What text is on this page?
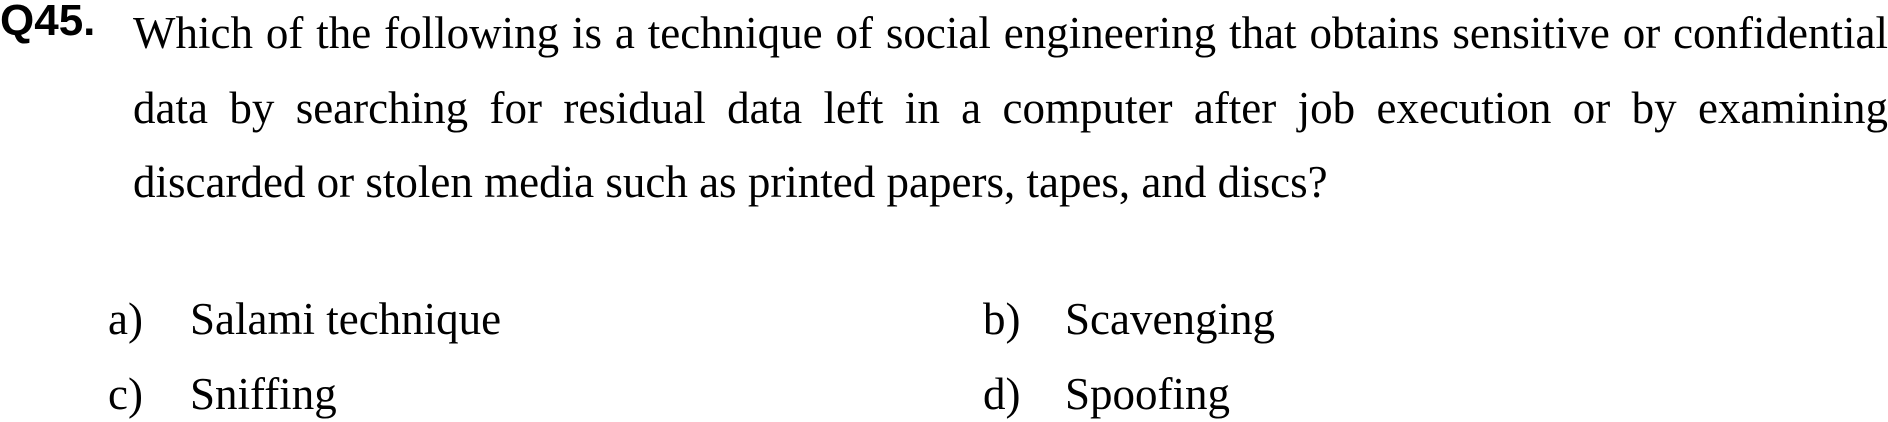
Q45. Which of the following is a technique of social engineering that obtains sensitive or confidential data by searching for residual data left in a computer after job execution or by examining discarded or stolen media such as printed papers, tapes, and discs?

a) Salami technique	b) Scavenging
c) Sniffing	d) Spoofing
